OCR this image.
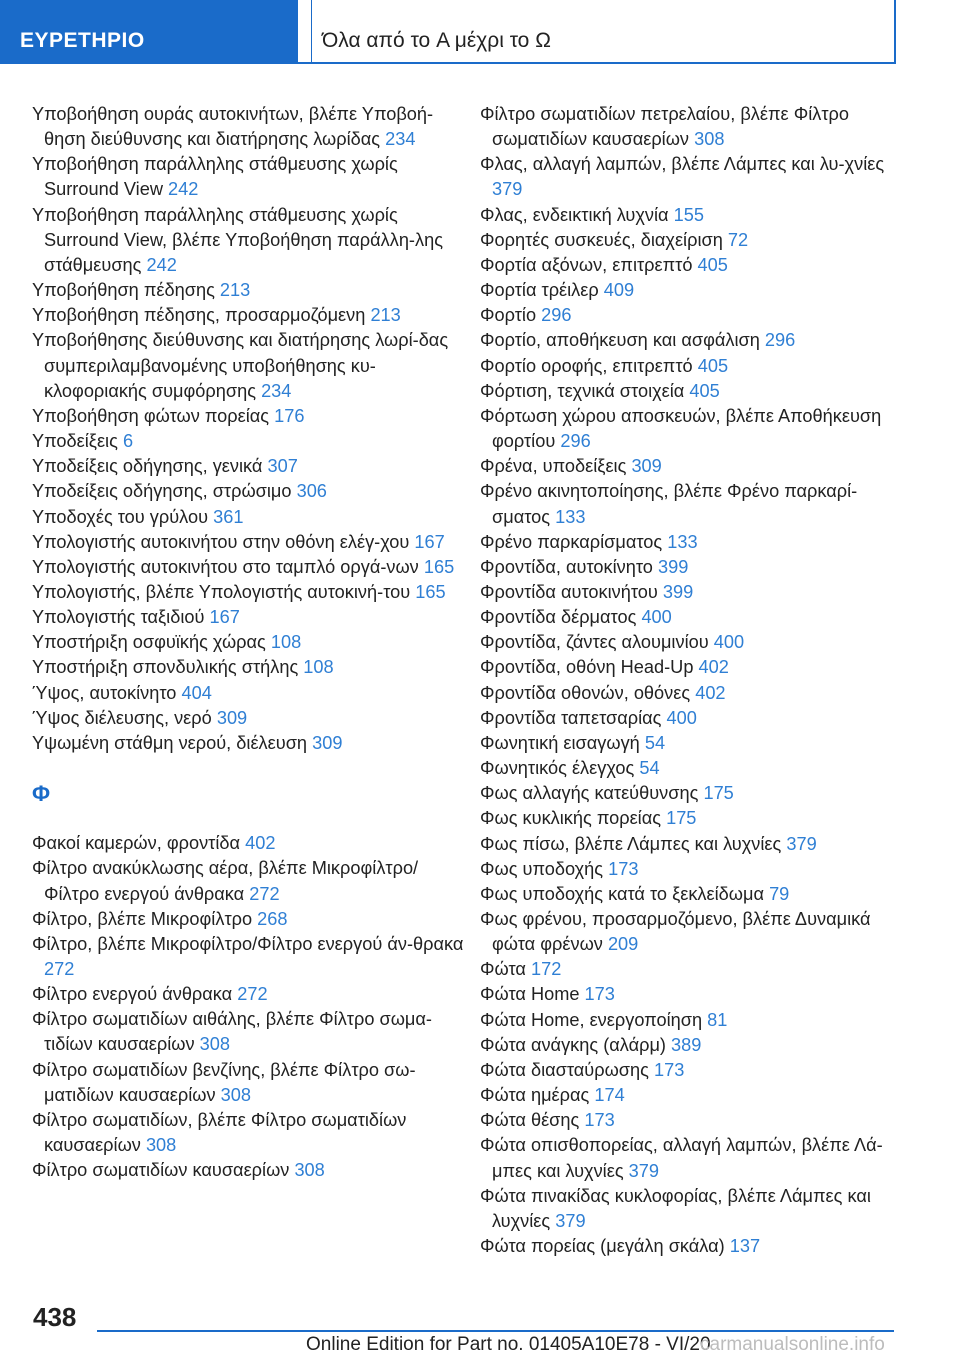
ΕΥΡΕΤΗΡΙΟ	Όλα από το A μέχρι το Ω
Υποβοήθηση ουράς αυτοκινήτων, βλέπε Υποβοή‐θηση διεύθυνσης και διατήρησης λωρίδας 234
Υποβοήθηση παράλληλης στάθμευσης χωρίς Surround View 242
Υποβοήθηση παράλληλης στάθμευσης χωρίς Surround View, βλέπε Υποβοήθηση παράλλη‐λης στάθμευσης 242
Υποβοήθηση πέδησης 213
Υποβοήθηση πέδησης, προσαρμοζόμενη 213
Υποβοήθησης διεύθυνσης και διατήρησης λωρί‐δας συμπεριλαμβανομένης υποβοήθησης κυ‐κλοφοριακής συμφόρησης 234
Υποβοήθηση φώτων πορείας 176
Υποδείξεις 6
Υποδείξεις οδήγησης, γενικά 307
Υποδείξεις οδήγησης, στρώσιμο 306
Υποδοχές του γρύλου 361
Υπολογιστής αυτοκινήτου στην οθόνη ελέγ‐χου 167
Υπολογιστής αυτοκινήτου στο ταμπλό οργά‐νων 165
Υπολογιστής, βλέπε Υπολογιστής αυτοκινή‐του 165
Υπολογιστής ταξιδιού 167
Υποστήριξη οσφυϊκής χώρας 108
Υποστήριξη σπονδυλικής στήλης 108
Ύψος, αυτοκίνητο 404
Ύψος διέλευσης, νερό 309
Υψωμένη στάθμη νερού, διέλευση 309
Φ
Φακοί καμερών, φροντίδα 402
Φίλτρο ανακύκλωσης αέρα, βλέπε Μικροφίλτρο/Φίλτρο ενεργού άνθρακα 272
Φίλτρο, βλέπε Μικροφίλτρο 268
Φίλτρο, βλέπε Μικροφίλτρο/Φίλτρο ενεργού άν‐θρακα 272
Φίλτρο ενεργού άνθρακα 272
Φίλτρο σωματιδίων αιθάλης, βλέπε Φίλτρο σωμα‐τιδίων καυσαερίων 308
Φίλτρο σωματιδίων βενζίνης, βλέπε Φίλτρο σω‐ματιδίων καυσαερίων 308
Φίλτρο σωματιδίων, βλέπε Φίλτρο σωματιδίων καυσαερίων 308
Φίλτρο σωματιδίων καυσαερίων 308
Φίλτρο σωματιδίων πετρελαίου, βλέπε Φίλτρο σωματιδίων καυσαερίων 308
Φλας, αλλαγή λαμπών, βλέπε Λάμπες και λυ‐χνίες 379
Φλας, ενδεικτική λυχνία 155
Φορητές συσκευές, διαχείριση 72
Φορτία αξόνων, επιτρεπτό 405
Φορτία τρέιλερ 409
Φορτίο 296
Φορτίο, αποθήκευση και ασφάλιση 296
Φορτίο οροφής, επιτρεπτό 405
Φόρτιση, τεχνικά στοιχεία 405
Φόρτωση χώρου αποσκευών, βλέπε Αποθήκευση φορτίου 296
Φρένα, υποδείξεις 309
Φρένο ακινητοποίησης, βλέπε Φρένο παρκαρί‐σματος 133
Φρένο παρκαρίσματος 133
Φροντίδα, αυτοκίνητο 399
Φροντίδα αυτοκινήτου 399
Φροντίδα δέρματος 400
Φροντίδα, ζάντες αλουμινίου 400
Φροντίδα, οθόνη Head-Up 402
Φροντίδα οθονών, οθόνες 402
Φροντίδα ταπετσαρίας 400
Φωνητική εισαγωγή 54
Φωνητικός έλεγχος 54
Φως αλλαγής κατεύθυνσης 175
Φως κυκλικής πορείας 175
Φως πίσω, βλέπε Λάμπες και λυχνίες 379
Φως υποδοχής 173
Φως υποδοχής κατά το ξεκλείδωμα 79
Φως φρένου, προσαρμοζόμενο, βλέπε Δυναμικά φώτα φρένων 209
Φώτα 172
Φώτα Home 173
Φώτα Home, ενεργοποίηση 81
Φώτα ανάγκης (αλάρμ) 389
Φώτα διασταύρωσης 173
Φώτα ημέρας 174
Φώτα θέσης 173
Φώτα οπισθοπορείας, αλλαγή λαμπών, βλέπε Λά‐μπες και λυχνίες 379
Φώτα πινακίδας κυκλοφορίας, βλέπε Λάμπες και λυχνίες 379
Φώτα πορείας (μεγάλη σκάλα) 137
438
Online Edition for Part no. 01405A10E78 - VI/20
carmanualsonline.info
